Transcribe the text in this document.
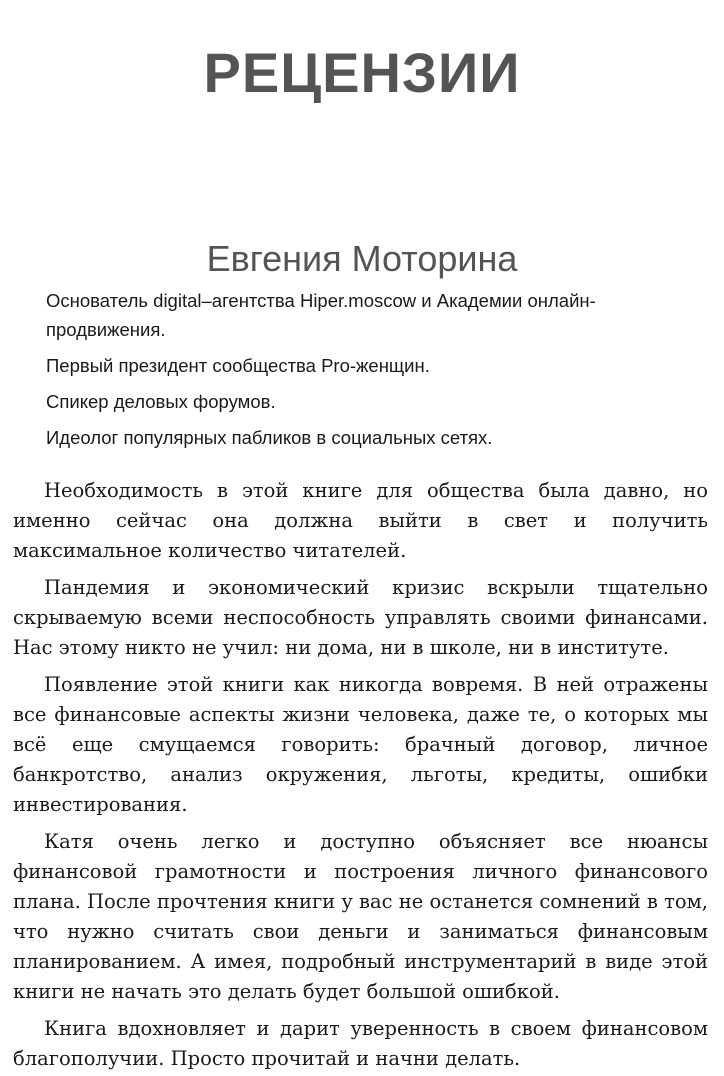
РЕЦЕНЗИИ
Евгения Моторина

Основатель digital–агентства Hiper.moscow и Академии онлайн-продвижения.

Первый президент сообщества Pro-женщин.

Спикер деловых форумов.

Идеолог популярных пабликов в социальных сетях.

Необходимость в этой книге для общества была давно, но именно сейчас она должна выйти в свет и получить максимальное количество читателей.

Пандемия и экономический кризис вскрыли тщательно скрываемую всеми неспособность управлять своими финансами. Нас этому никто не учил: ни дома, ни в школе, ни в институте.

Появление этой книги как никогда вовремя. В ней отражены все финансовые аспекты жизни человека, даже те, о которых мы всё еще смущаемся говорить: брачный договор, личное банкротство, анализ окружения, льготы, кредиты, ошибки инвестирования.

Катя очень легко и доступно объясняет все нюансы финансовой грамотности и построения личного финансового плана. После прочтения книги у вас не останется сомнений в том, что нужно считать свои деньги и заниматься финансовым планированием. А имея, подробный инструментарий в виде этой книги не начать это делать будет большой ошибкой.

Книга вдохновляет и дарит уверенность в своем финансовом благополучии. Просто прочитай и начни делать.
